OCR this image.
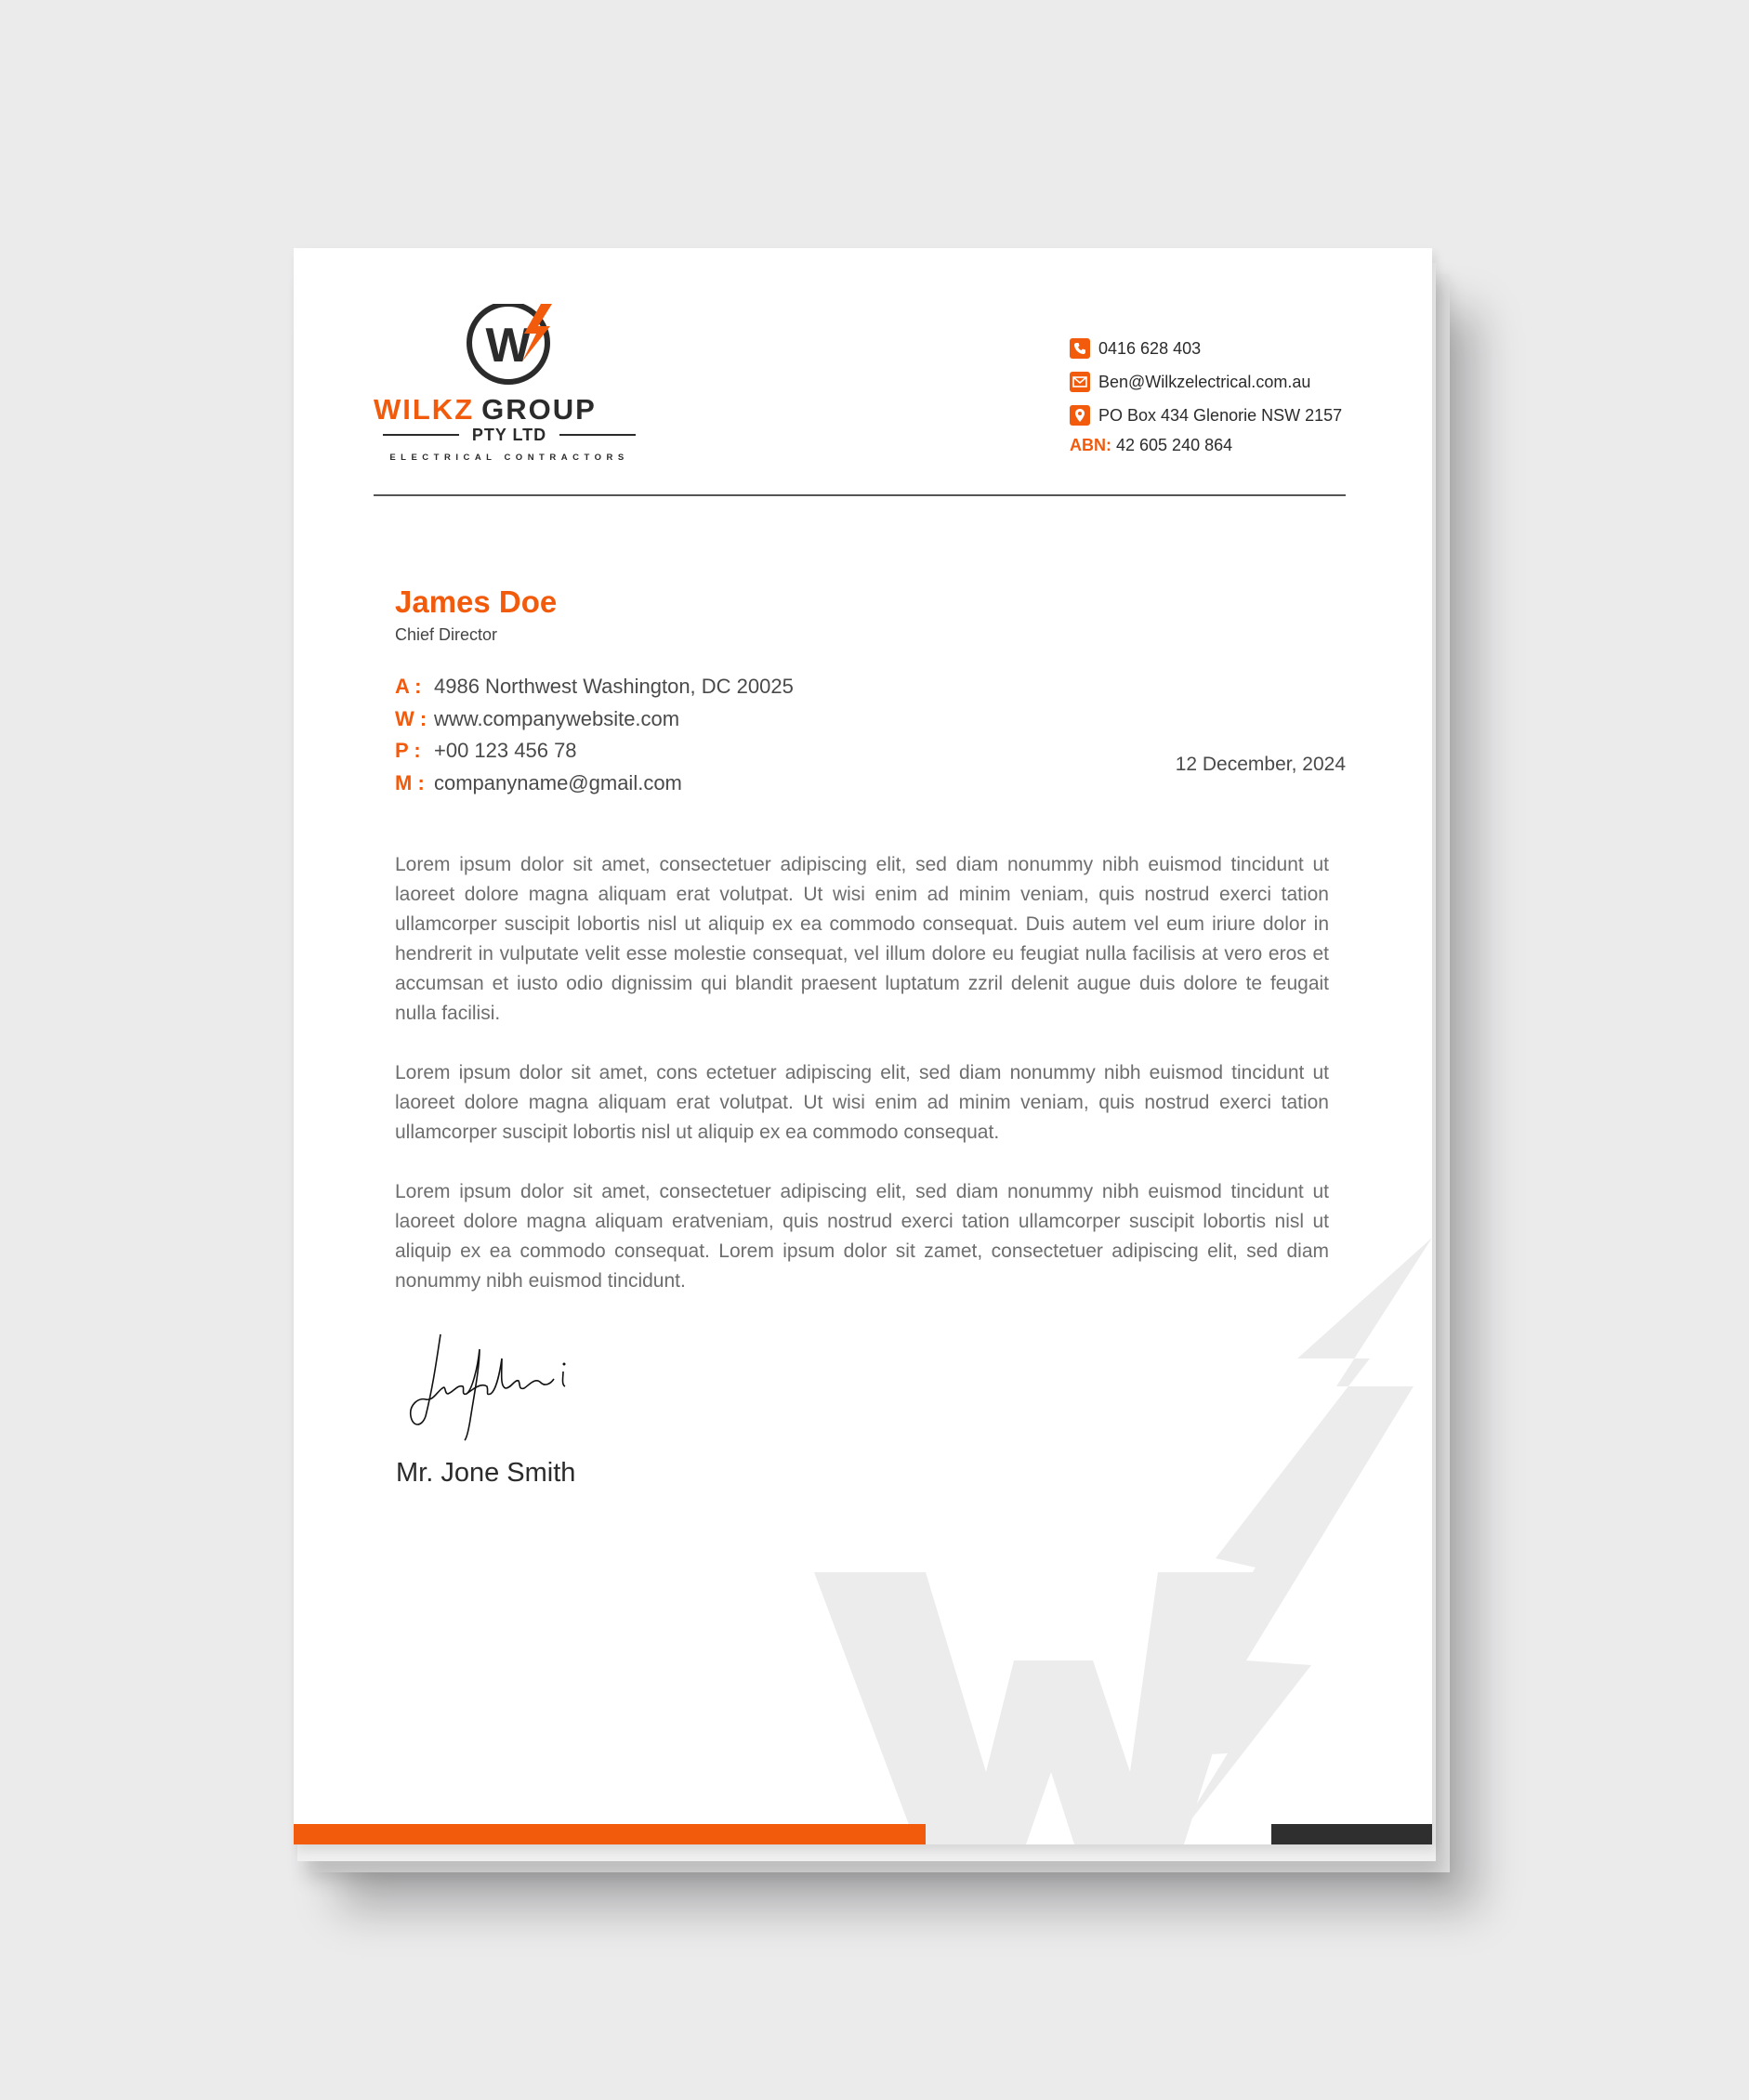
W
WILKZ GROUP
PTY LTD
ELECTRICAL CONTRACTORS
0416 628 403
Ben@Wilkzelectrical.com.au
PO Box 434 Glenorie NSW 2157
ABN: 42 605 240 864
James Doe
Chief Director
A : 4986 Northwest Washington, DC 20025
W : www.companywebsite.com
P : +00 123 456 78
M : companyname@gmail.com
12 December, 2024

Lorem ipsum dolor sit amet, consectetuer adipiscing elit, sed diam nonummy nibh euismod tincidunt ut laoreet dolore magna aliquam erat volutpat. Ut wisi enim ad minim veniam, quis nostrud exerci tation ullamcorper suscipit lobortis nisl ut aliquip ex ea commodo consequat. Duis autem vel eum iriure dolor in hendrerit in vulputate velit esse molestie consequat, vel illum dolore eu feugiat nulla facilisis at vero eros et accumsan et iusto odio dignissim qui blandit praesent luptatum zzril delenit augue duis dolore te feugait nulla facilisi.

Lorem ipsum dolor sit amet, cons ectetuer adipiscing elit, sed diam nonummy nibh euismod tincidunt ut laoreet dolore magna aliquam erat volutpat. Ut wisi enim ad minim veniam, quis nostrud exerci tation ullamcorper suscipit lobortis nisl ut aliquip ex ea commodo consequat.

Lorem ipsum dolor sit amet, consectetuer adipiscing elit, sed diam nonummy nibh euismod tincidunt ut laoreet dolore magna aliquam eratveniam, quis nostrud exerci tation ullamcorper suscipit lobortis nisl ut aliquip ex ea commodo consequat. Lorem ipsum dolor sit zamet, consectetuer adipiscing elit, sed diam nonummy nibh euismod tincidunt.

Mr. Jone Smith
